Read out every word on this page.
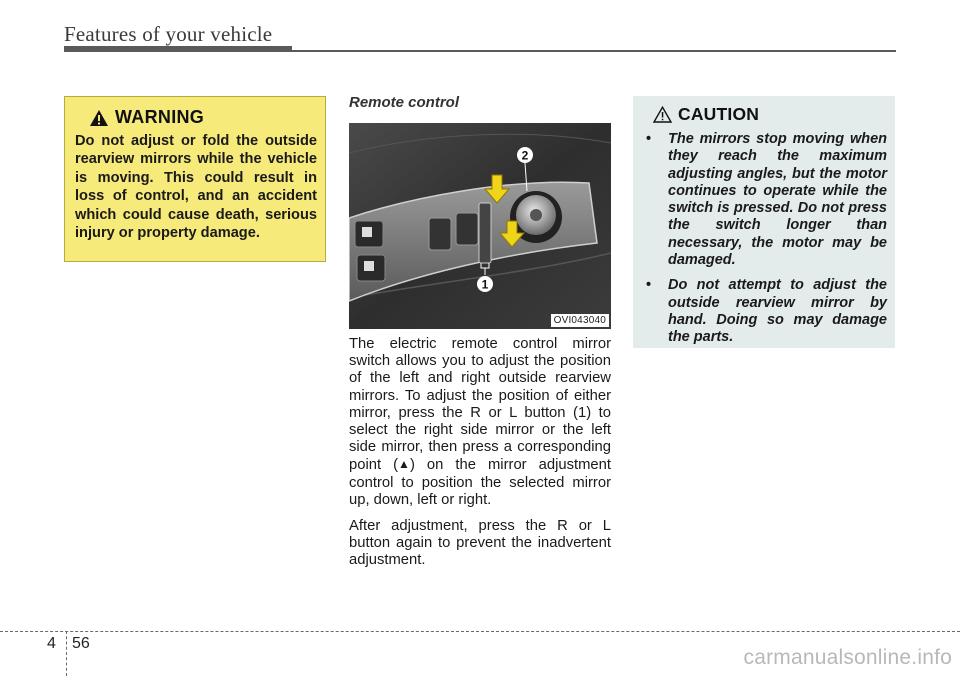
Features of your vehicle
WARNING

Do not adjust or fold the outside rearview mirrors while the vehicle is moving. This could result in loss of control, and an accident which could cause death, serious injury or property damage.

Remote control
2
1
OVI043040

The electric remote control mirror switch allows you to adjust the position of the left and right outside rearview mirrors. To adjust the position of either mirror, press the R or L button (1) to select the right side mirror or the left side mirror, then press a corresponding point (▲) on the mirror adjustment control to position the selected mirror up, down, left or right.

After adjustment, press the R or L button again to prevent the inadvertent adjustment.

CAUTION
• The mirrors stop moving when they reach the maximum adjusting angles, but the motor continues to operate while the switch is pressed. Do not press the switch longer than necessary, the motor may be damaged.
• Do not attempt to adjust the outside rearview mirror by hand. Doing so may damage the parts.
4 56
carmanualsonline.info
